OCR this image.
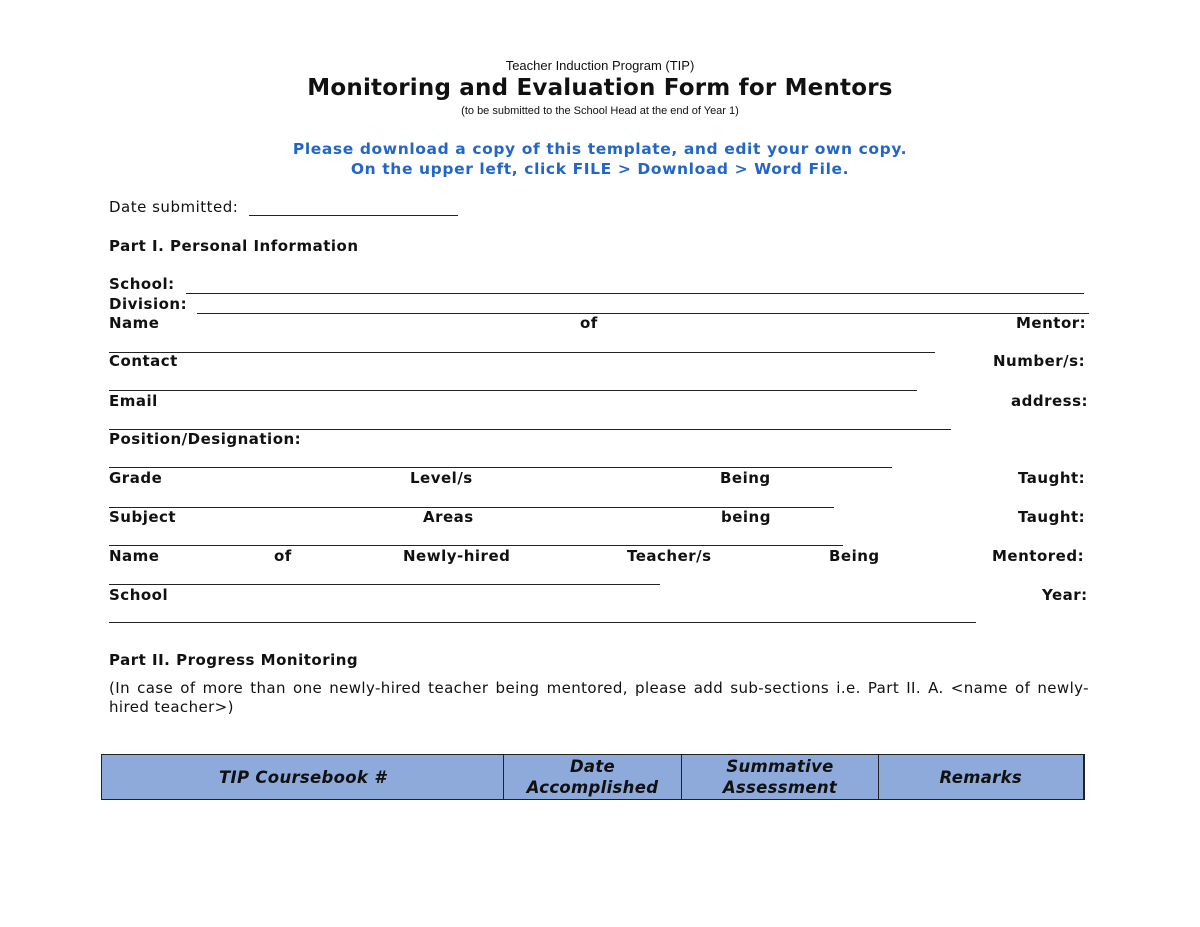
Teacher Induction Program (TIP)
Monitoring and Evaluation Form for Mentors
(to be submitted to the School Head at the end of Year 1)
Please download a copy of this template, and edit your own copy.
On the upper left, click FILE > Download > Word File.
Date submitted:
Part I. Personal Information
School:
Division:
Name	of	Mentor:
Contact	Number/s:
Email	address:
Position/Designation:
Grade	Level/s	Being	Taught:
Subject	Areas	being	Taught:
Name	of	Newly-hired	Teacher/s	Being	Mentored:
School	Year:
Part II. Progress Monitoring
(In case of more than one newly-hired teacher being mentored, please add sub-sections i.e. Part II. A. <name of newly-hired teacher>)
TIP Coursebook #

Date
Accomplished

Summative
Assessment

Remarks
